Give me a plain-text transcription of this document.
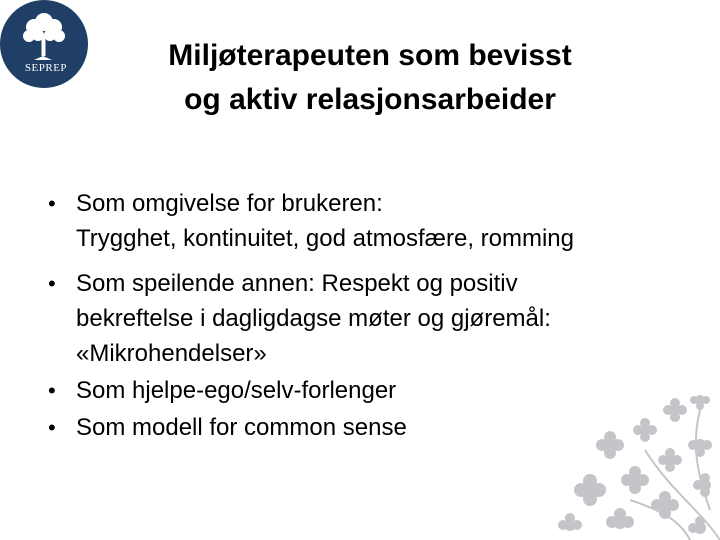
SEPREP	Miljøterapeuten som bevisst
og aktiv relasjonsarbeider
• Som omgivelse for brukeren:
Trygghet, kontinuitet, god atmosfære, romming
• Som speilende annen: Respekt og positiv
bekreftelse i dagligdagse møter og gjøremål:
«Mikrohendelser»
• Som hjelpe-ego/selv-forlenger
• Som modell for common sense
